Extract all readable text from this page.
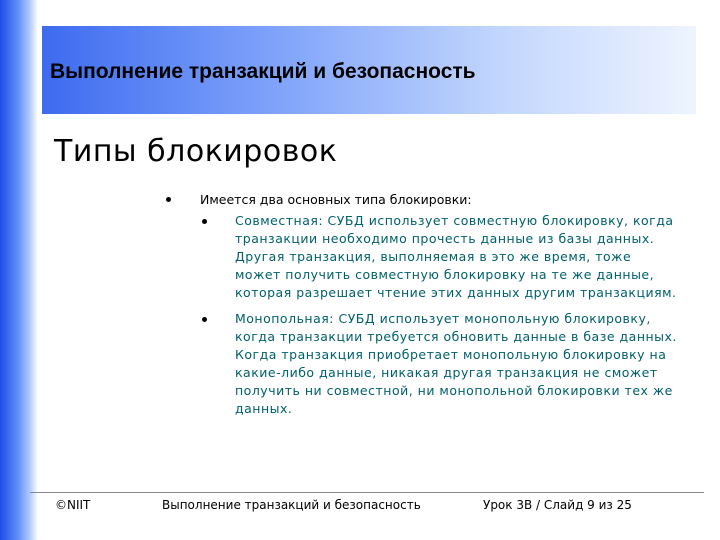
Выполнение транзакций и безопасность
Типы блокировок
Имеется два основных типа блокировки:
Совместная: СУБД использует совместную блокировку, когда транзакции необходимо прочесть данные из базы данных. Другая транзакция, выполняемая в это же время, тоже может получить совместную блокировку на те же данные, которая разрешает чтение этих данных другим транзакциям.
Монопольная: СУБД использует монопольную блокировку, когда транзакции требуется обновить данные в базе данных. Когда транзакция приобретает монопольную блокировку на какие-либо данные, никакая другая транзакция не сможет получить ни совместной, ни монопольной блокировки тех же данных.
©NIIT	Выполнение транзакций и безопасность	Урок 3В / Слайд 9 из 25
